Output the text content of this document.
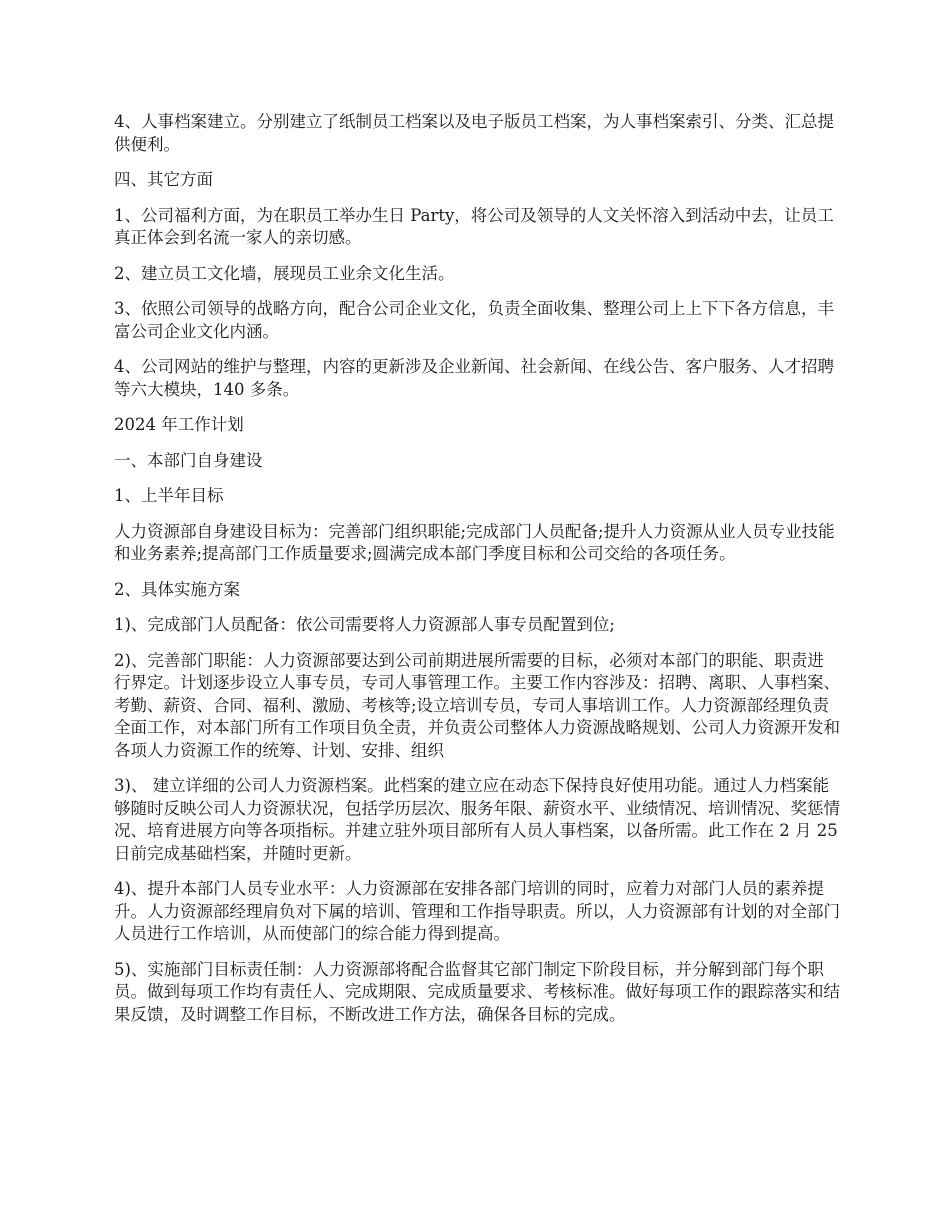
4、人事档案建立。分别建立了纸制员工档案以及电子版员工档案，为人事档案索引、分类、汇总提供便利。

四、其它方面

1、公司福利方面，为在职员工举办生日 Party，将公司及领导的人文关怀溶入到活动中去，让员工真正体会到名流一家人的亲切感。

2、建立员工文化墙，展现员工业余文化生活。

3、依照公司领导的战略方向，配合公司企业文化，负责全面收集、整理公司上上下下各方信息，丰富公司企业文化内涵。

4、公司网站的维护与整理，内容的更新涉及企业新闻、社会新闻、在线公告、客户服务、人才招聘等六大模块，140 多条。

2024 年工作计划

一、本部门自身建设

1、上半年目标

人力资源部自身建设目标为：完善部门组织职能;完成部门人员配备;提升人力资源从业人员专业技能和业务素养;提高部门工作质量要求;圆满完成本部门季度目标和公司交给的各项任务。

2、具体实施方案

1)、完成部门人员配备：依公司需要将人力资源部人事专员配置到位;

2)、完善部门职能：人力资源部要达到公司前期进展所需要的目标，必须对本部门的职能、职责进行界定。计划逐步设立人事专员，专司人事管理工作。主要工作内容涉及：招聘、离职、人事档案、考勤、薪资、合同、福利、激励、考核等;设立培训专员，专司人事培训工作。人力资源部经理负责全面工作，对本部门所有工作项目负全责，并负责公司整体人力资源战略规划、公司人力资源开发和各项人力资源工作的统筹、计划、安排、组织

3)、 建立详细的公司人力资源档案。此档案的建立应在动态下保持良好使用功能。通过人力档案能够随时反映公司人力资源状况，包括学历层次、服务年限、薪资水平、业绩情况、培训情况、奖惩情况、培育进展方向等各项指标。并建立驻外项目部所有人员人事档案，以备所需。此工作在 2 月 25 日前完成基础档案，并随时更新。

4)、提升本部门人员专业水平：人力资源部在安排各部门培训的同时，应着力对部门人员的素养提升。人力资源部经理肩负对下属的培训、管理和工作指导职责。所以，人力资源部有计划的对全部门人员进行工作培训，从而使部门的综合能力得到提高。

5)、实施部门目标责任制：人力资源部将配合监督其它部门制定下阶段目标，并分解到部门每个职员。做到每项工作均有责任人、完成期限、完成质量要求、考核标准。做好每项工作的跟踪落实和结果反馈，及时调整工作目标，不断改进工作方法，确保各目标的完成。
